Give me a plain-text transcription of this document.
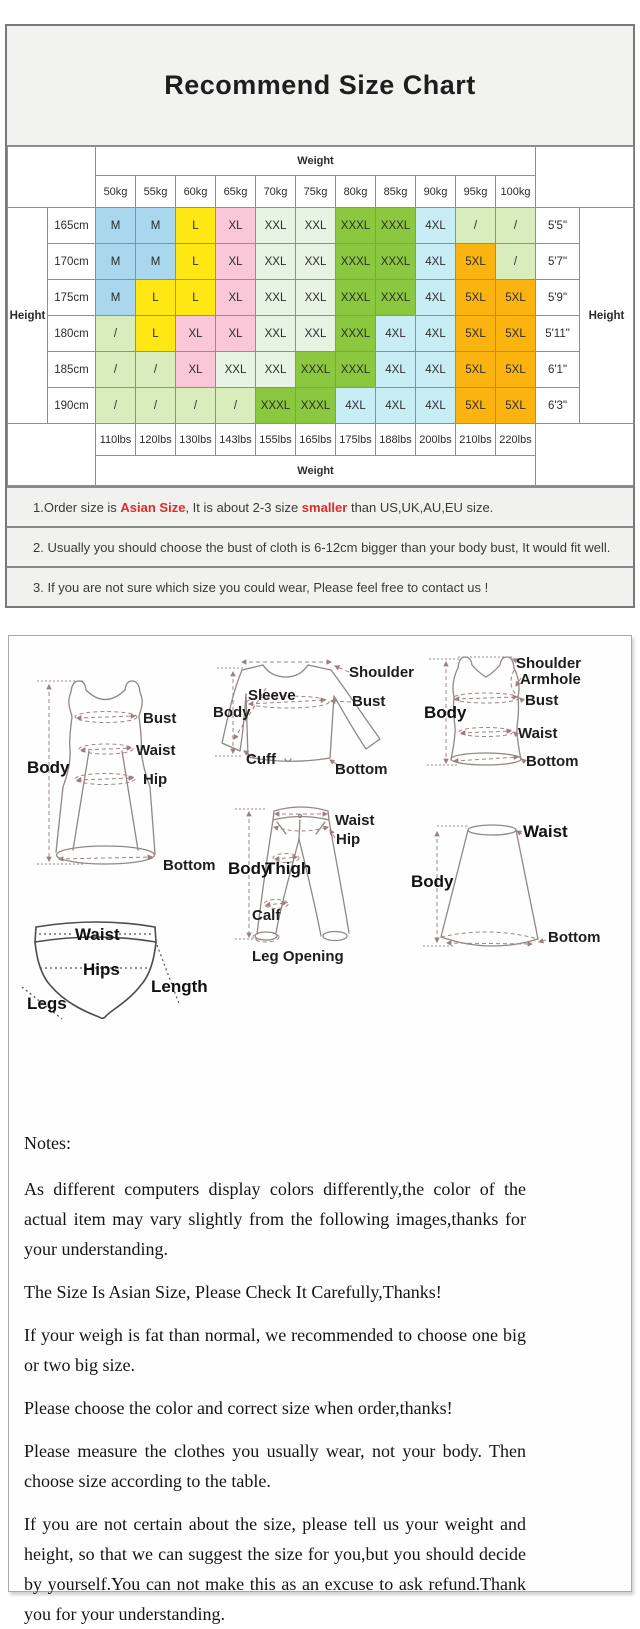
Recommend Size Chart
		Weight												
		50kg	55kg	60kg	65kg	70kg	75kg	80kg	85kg	90kg	95kg	100kg		
Height	165cm	M	M	L	XL	XXL	XXL	XXXL	XXXL	4XL	/	/	5'5"	Height
	170cm	M	M	L	XL	XXL	XXL	XXXL	XXXL	4XL	5XL	/	5'7"	
	175cm	M	L	L	XL	XXL	XXL	XXXL	XXXL	4XL	5XL	5XL	5'9"	
	180cm	/	L	XL	XL	XXL	XXL	XXXL	4XL	4XL	5XL	5XL	5'11"	
	185cm	/	/	XL	XXL	XXL	XXXL	XXXL	4XL	4XL	5XL	5XL	6'1"	
	190cm	/	/	/	/	XXXL	XXXL	4XL	4XL	4XL	5XL	5XL	6'3"	
		110lbs	120lbs	130lbs	143lbs	155lbs	165lbs	175lbs	188lbs	200lbs	210lbs	220lbs		
		Weight												
1.Order size is Asian Size, It is about 2-3 size smaller than US,UK,AU,EU size.
2. Usually you should choose the bust of cloth is 6-12cm bigger than your body bust, It would fit well.
3. If you are not sure which size you could wear, Please feel free to contact us !
Body
Bust
Waist
Hip
Bottom
Shoulder
Sleeve
Body
Bust
Cuff
Bottom
Shoulder
Armhole
Body
Bust
Waist
Bottom
Waist
Hip
Body
Thigh
Calf
Leg Opening
Waist
Body
Bottom
Waist
Hips
Legs
Length
Notes:

As different computers display colors differently,the color of the actual item may vary slightly from the following images,thanks for your understanding.

The Size Is Asian Size, Please Check It Carefully,Thanks!

If your weigh is fat than normal, we recommended to choose one big or two big size.

Please choose the color and correct size when order,thanks!

Please measure the clothes you usually wear, not your body. Then choose size according to the table.

If you are not certain about the size, please tell us your weight and height, so that we can suggest the size for you,but you should decide by yourself.You can not make this as an excuse to ask refund.Thank you for your understanding.
